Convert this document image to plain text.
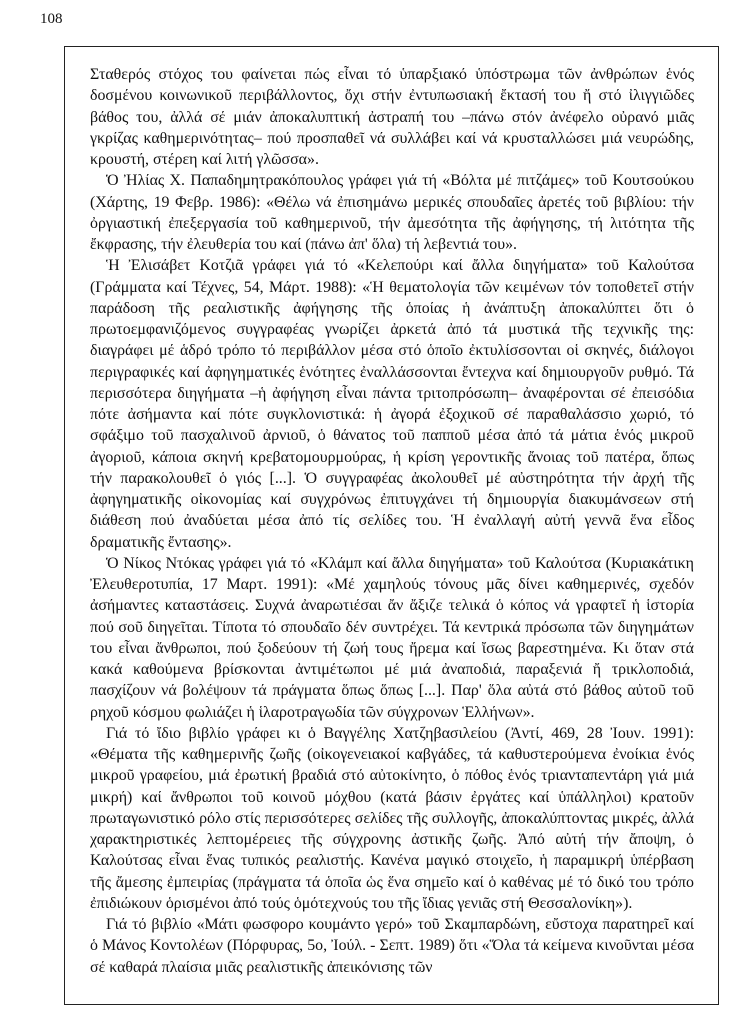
108

Σταθερός στόχος του φαίνεται πώς εἶναι τό ὑπαρξιακό ὑπόστρωμα τῶν ἀνθρώπων ἑνός δοσμένου κοινωνικοῦ περιβάλλοντος, ὄχι στήν ἐντυπωσιακή ἔκτασή του ἤ στό ἰλιγγιῶδες βάθος του, ἀλλά σέ μιάν ἀποκαλυπτική ἀστραπή του –πάνω στόν ἀνέφελο οὐρανό μιᾶς γκρίζας καθημερινότητας– πού προσπαθεῖ νά συλλάβει καί νά κρυσταλλώσει μιά νευρώδης, κρουστή, στέρεη καί λιτή γλῶσσα».

Ὁ Ἠλίας Χ. Παπαδημητρακόπουλος γράφει γιά τή «Βόλτα μέ πιτζάμες» τοῦ Κουτσούκου (Χάρτης, 19 Φεβρ. 1986): «Θέλω νά ἐπισημάνω μερικές σπουδαῖες ἀρετές τοῦ βιβλίου: τήν ὀργιαστική ἐπεξεργασία τοῦ καθημερινοῦ, τήν ἀμεσότητα τῆς ἀφήγησης, τή λιτότητα τῆς ἔκφρασης, τήν ἐλευθερία του καί (πάνω ἀπ' ὅλα) τή λεβεντιά του».

Ἡ Ἐλισάβετ Κοτζιᾶ γράφει γιά τό «Κελεπούρι καί ἄλλα διηγήματα» τοῦ Καλούτσα (Γράμματα καί Τέχνες, 54, Μάρτ. 1988): «Ἡ θεματολογία τῶν κειμένων τόν τοποθετεῖ στήν παράδοση τῆς ρεαλιστικῆς ἀφήγησης τῆς ὁποίας ἡ ἀνάπτυξη ἀποκαλύπτει ὅτι ὁ πρωτοεμφανιζόμενος συγγραφέας γνωρίζει ἀρκετά ἀπό τά μυστικά τῆς τεχνικῆς της: διαγράφει μέ ἁδρό τρόπο τό περιβάλλον μέσα στό ὁποῖο ἐκτυλίσσονται οἱ σκηνές, διάλογοι περιγραφικές καί ἀφηγηματικές ἑνότητες ἐναλλάσσονται ἔντεχνα καί δημιουργοῦν ρυθμό. Τά περισσότερα διηγήματα –ἡ ἀφήγηση εἶναι πάντα τριτοπρόσωπη– ἀναφέρονται σέ ἐπεισόδια πότε ἀσήμαντα καί πότε συγκλονιστικά: ἡ ἀγορά ἐξοχικοῦ σέ παραθαλάσσιο χωριό, τό σφάξιμο τοῦ πασχαλινοῦ ἀρνιοῦ, ὁ θάνατος τοῦ παπποῦ μέσα ἀπό τά μάτια ἑνός μικροῦ ἀγοριοῦ, κάποια σκηνή κρεβατομουρμούρας, ἡ κρίση γεροντικῆς ἄνοιας τοῦ πατέρα, ὅπως τήν παρακολουθεῖ ὁ γιός [...]. Ὁ συγγραφέας ἀκολουθεῖ μέ αὐστηρότητα τήν ἀρχή τῆς ἀφηγηματικῆς οἰκονομίας καί συγχρόνως ἐπιτυγχάνει τή δημιουργία διακυμάνσεων στή διάθεση πού ἀναδύεται μέσα ἀπό τίς σελίδες του. Ἡ ἐναλλαγή αὐτή γεννᾶ ἕνα εἶδος δραματικῆς ἔντασης».

Ὁ Νίκος Ντόκας γράφει γιά τό «Κλάμπ καί ἄλλα διηγήματα» τοῦ Καλούτσα (Κυριακάτικη Ἐλευθεροτυπία, 17 Μαρτ. 1991): «Μέ χαμηλούς τόνους μᾶς δίνει καθημερινές, σχεδόν ἀσήμαντες καταστάσεις. Συχνά ἀναρωτιέσαι ἄν ἄξιζε τελικά ὁ κόπος νά γραφτεῖ ἡ ἱστορία πού σοῦ διηγεῖται. Τίποτα τό σπουδαῖο δέν συντρέχει. Τά κεντρικά πρόσωπα τῶν διηγημάτων του εἶναι ἄνθρωποι, πού ξοδεύουν τή ζωή τους ἤρεμα καί ἴσως βαρεστημένα. Κι ὅταν στά κακά καθούμενα βρίσκονται ἀντιμέτωποι μέ μιά ἀναποδιά, παραξενιά ἤ τρικλοποδιά, πασχίζουν νά βολέψουν τά πράγματα ὅπως ὅπως [...]. Παρ' ὅλα αὐτά στό βάθος αὐτοῦ τοῦ ρηχοῦ κόσμου φωλιάζει ἡ ἱλαροτραγωδία τῶν σύγχρονων Ἑλλήνων».

Γιά τό ἴδιο βιβλίο γράφει κι ὁ Βαγγέλης Χατζηβασιλείου (Ἀντί, 469, 28 Ἰουν. 1991): «Θέματα τῆς καθημερινῆς ζωῆς (οἰκογενειακοί καβγάδες, τά καθυστερούμενα ἐνοίκια ἑνός μικροῦ γραφείου, μιά ἐρωτική βραδιά στό αὐτοκίνητο, ὁ πόθος ἑνός τριανταπεντάρη γιά μιά μικρή) καί ἄνθρωποι τοῦ κοινοῦ μόχθου (κατά βάσιν ἐργάτες καί ὑπάλληλοι) κρατοῦν πρωταγωνιστικό ρόλο στίς περισσότερες σελίδες τῆς συλλογῆς, ἀποκαλύπτοντας μικρές, ἀλλά χαρακτηριστικές λεπτομέρειες τῆς σύγχρονης ἀστικῆς ζωῆς. Ἀπό αὐτή τήν ἄποψη, ὁ Καλούτσας εἶναι ἕνας τυπικός ρεαλιστής. Κανένα μαγικό στοιχεῖο, ἡ παραμικρή ὑπέρβαση τῆς ἄμεσης ἐμπειρίας (πράγματα τά ὁποῖα ὡς ἕνα σημεῖο καί ὁ καθένας μέ τό δικό του τρόπο ἐπιδιώκουν ὁρισμένοι ἀπό τούς ὁμότεχνούς του τῆς ἴδιας γενιᾶς στή Θεσσαλονίκη»).

Γιά τό βιβλίο «Μάτι φωσφορο κουμάντο γερό» τοῦ Σκαμπαρδώνη, εὔστοχα παρατηρεῖ καί ὁ Μάνος Κοντολέων (Πόρφυρας, 5ο, Ἰούλ. - Σεπτ. 1989) ὅτι «Ὅλα τά κείμενα κινοῦνται μέσα σέ καθαρά πλαίσια μιᾶς ρεαλιστικῆς ἀπεικόνισης τῶν
